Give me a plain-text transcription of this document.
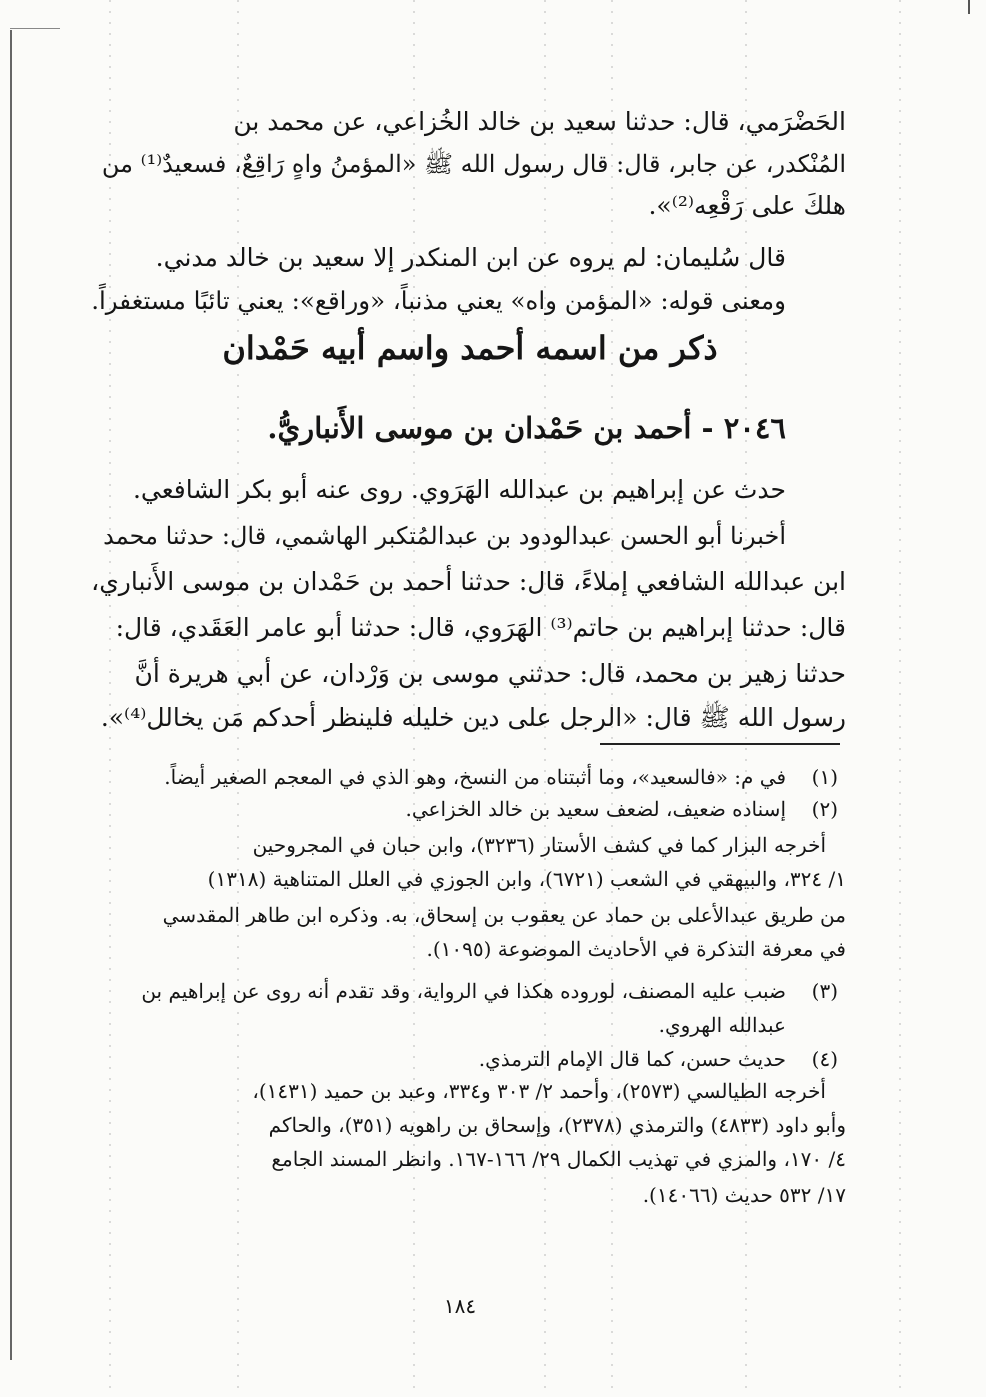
الحَضْرَمي، قال: حدثنا سعيد بن خالد الخُزاعي، عن محمد بن
المُنْكدر، عن جابر، قال: قال رسول الله ﷺ «المؤمنُ واهٍ رَاقِعٌ، فسعيدٌ⁽¹⁾ من
هلكَ على رَقْعِه⁽²⁾».
قال سُليمان: لم يروه عن ابن المنكدر إلا سعيد بن خالد مدني.
ومعنى قوله: «المؤمن واه» يعني مذنباً، «وراقع»: يعني تائبًا مستغفراً.
ذكر من اسمه أحمد واسم أبيه حَمْدان
٢٠٤٦ - أحمد بن حَمْدان بن موسى الأَنباريُّ.
حدث عن إبراهيم بن عبدالله الهَرَوي. روى عنه أبو بكر الشافعي.
أخبرنا أبو الحسن عبدالودود بن عبدالمُتكبر الهاشمي، قال: حدثنا محمد
ابن عبدالله الشافعي إملاءً، قال: حدثنا أحمد بن حَمْدان بن موسى الأَنباري،
قال: حدثنا إبراهيم بن حاتم⁽³⁾ الهَرَوي، قال: حدثنا أبو عامر العَقَدي، قال:
حدثنا زهير بن محمد، قال: حدثني موسى بن وَرْدان، عن أبي هريرة أنَّ
رسول الله ﷺ قال: «الرجل على دين خليله فلينظر أحدكم مَن يخالل⁽⁴⁾».
(١)
في م: «فالسعيد»، وما أثبتناه من النسخ، وهو الذي في المعجم الصغير أيضاً.
(٢)
إسناده ضعيف، لضعف سعيد بن خالد الخزاعي.
أخرجه البزار كما في كشف الأستار (٣٢٣٦)، وابن حبان في المجروحين
١/ ٣٢٤، والبيهقي في الشعب (٦٧٢١)، وابن الجوزي في العلل المتناهية (١٣١٨)
من طريق عبدالأعلى بن حماد عن يعقوب بن إسحاق، به. وذكره ابن طاهر المقدسي
في معرفة التذكرة في الأحاديث الموضوعة (١٠٩٥).
(٣)
ضبب عليه المصنف، لوروده هكذا في الرواية، وقد تقدم أنه روى عن إبراهيم بن
عبدالله الهروي.
(٤)
حديث حسن، كما قال الإمام الترمذي.
أخرجه الطيالسي (٢٥٧٣)، وأحمد ٢/ ٣٠٣ و٣٣٤، وعبد بن حميد (١٤٣١)،
وأبو داود (٤٨٣٣) والترمذي (٢٣٧٨)، وإسحاق بن راهويه (٣٥١)، والحاكم
٤/ ١٧٠، والمزي في تهذيب الكمال ٢٩/ ١٦٦-١٦٧. وانظر المسند الجامع
١٧/ ٥٣٢ حديث (١٤٠٦٦).
١٨٤
